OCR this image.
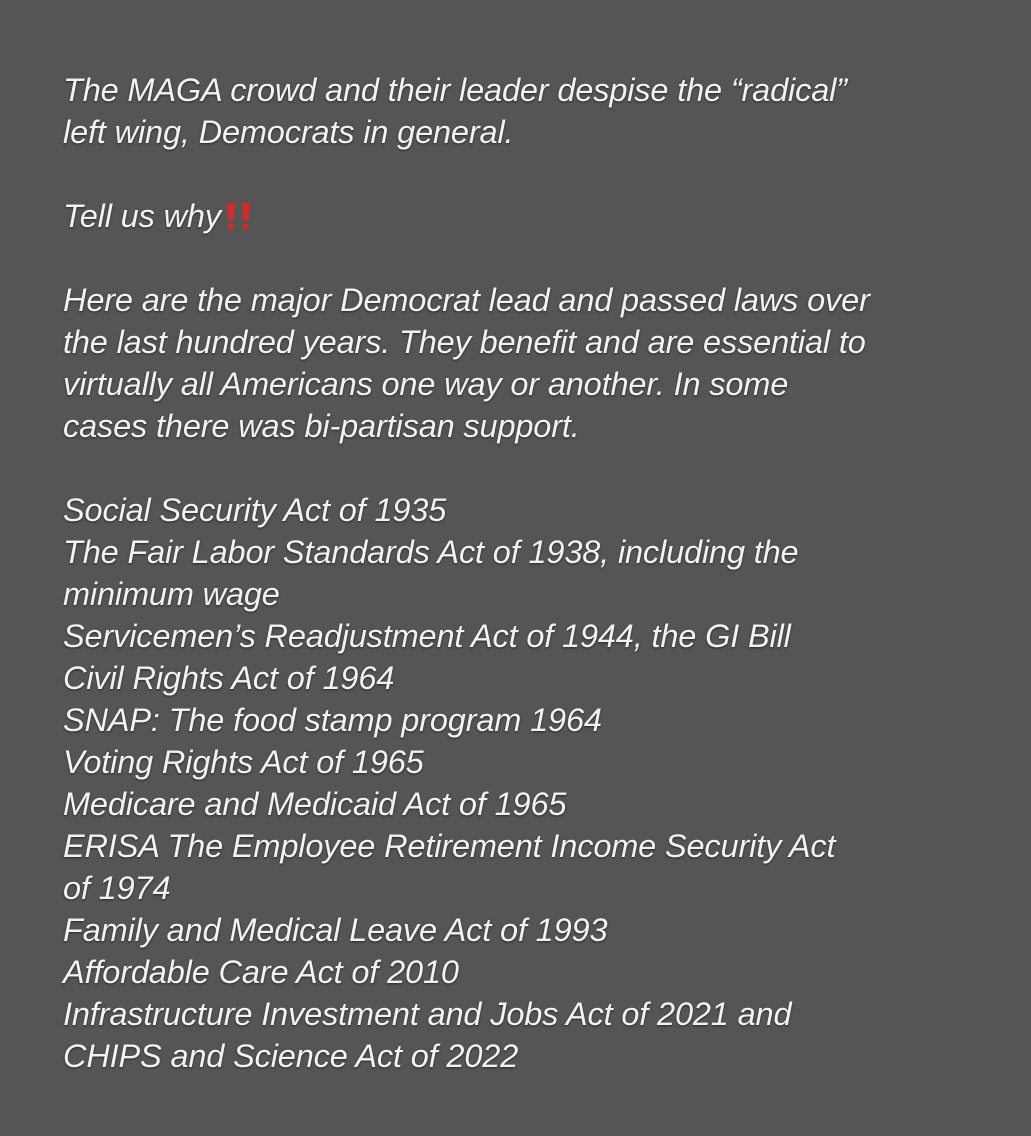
The MAGA crowd and their leader despise the “radical”
left wing, Democrats in general.
Tell us why
Here are the major Democrat lead and passed laws over
the last hundred years. They benefit and are essential to
virtually all Americans one way or another. In some
cases there was bi-partisan support.
Social Security Act of 1935
The Fair Labor Standards Act of 1938, including the
minimum wage
Servicemen’s Readjustment Act of 1944, the GI Bill
Civil Rights Act of 1964
SNAP: The food stamp program 1964
Voting Rights Act of 1965
Medicare and Medicaid Act of 1965
ERISA The Employee Retirement Income Security Act
of 1974
Family and Medical Leave Act of 1993
Affordable Care Act of 2010
Infrastructure Investment and Jobs Act of 2021 and
CHIPS and Science Act of 2022
